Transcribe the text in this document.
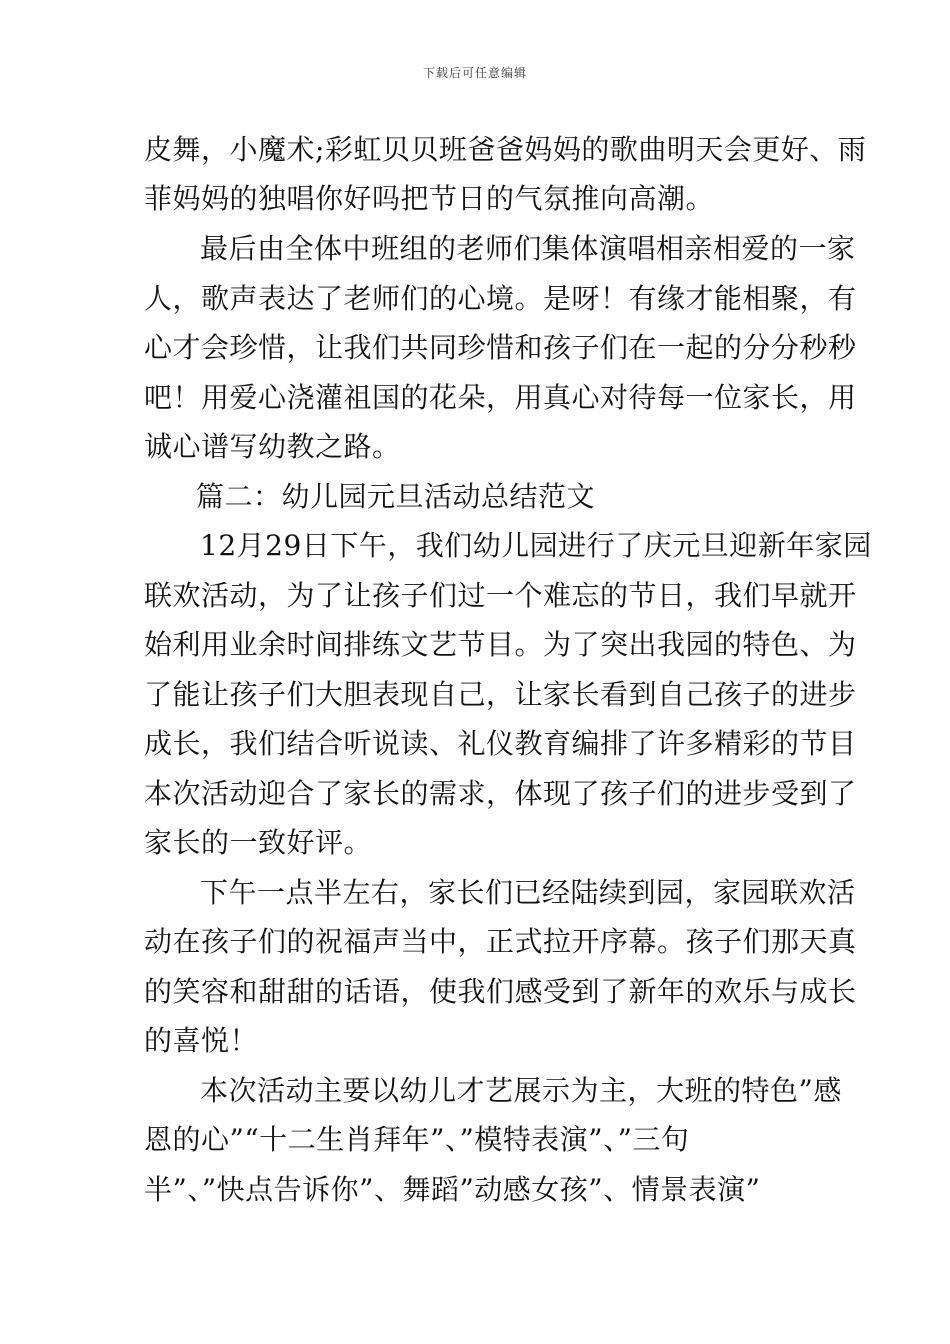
下载后可任意编辑
皮舞，小魔术;彩虹贝贝班爸爸妈妈的歌曲明天会更好、雨
菲妈妈的独唱你好吗把节日的气氛推向高潮。
最后由全体中班组的老师们集体演唱相亲相爱的一家
人，歌声表达了老师们的心境。是呀！有缘才能相聚，有
心才会珍惜，让我们共同珍惜和孩子们在一起的分分秒秒
吧！用爱心浇灌祖国的花朵，用真心对待每一位家长，用
诚心谱写幼教之路。
篇二：幼儿园元旦活动总结范文
12月29日下午，我们幼儿园进行了庆元旦迎新年家园
联欢活动，为了让孩子们过一个难忘的节日，我们早就开
始利用业余时间排练文艺节目。为了突出我园的特色、为
了能让孩子们大胆表现自己，让家长看到自己孩子的进步
成长，我们结合听说读、礼仪教育编排了许多精彩的节目
本次活动迎合了家长的需求，体现了孩子们的进步受到了
家长的一致好评。
下午一点半左右，家长们已经陆续到园，家园联欢活
动在孩子们的祝福声当中，正式拉开序幕。孩子们那天真
的笑容和甜甜的话语，使我们感受到了新年的欢乐与成长
的喜悦！
本次活动主要以幼儿才艺展示为主，大班的特色”感
恩的心”“十二生肖拜年”、”模特表演”、”三句
半”、”快点告诉你”、舞蹈”动感女孩”、情景表演”
